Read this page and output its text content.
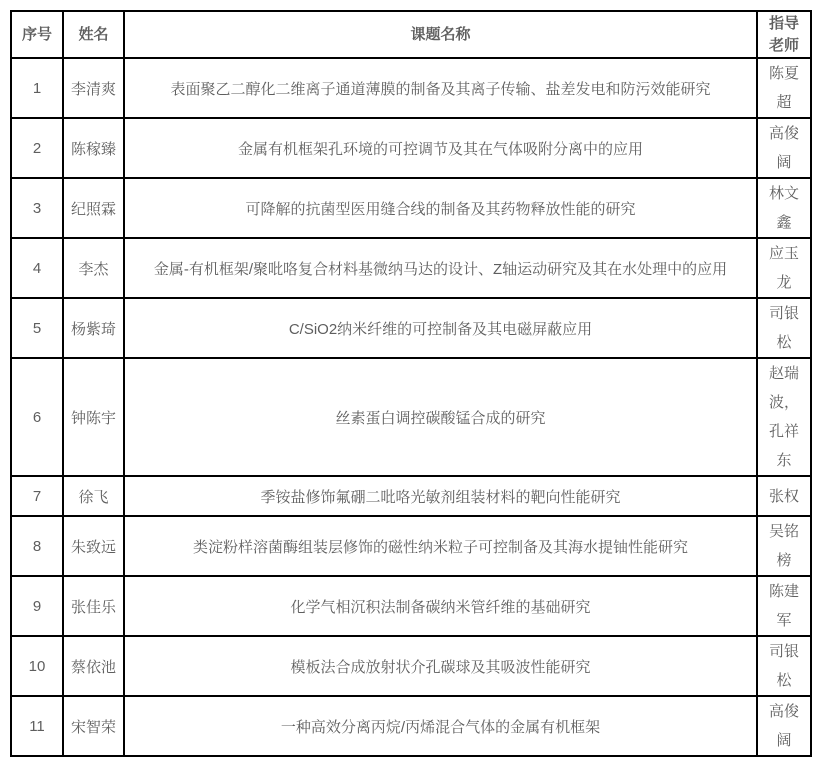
序号	姓名	课题名称	指导老师
1	李清爽	表面聚乙二醇化二维离子通道薄膜的制备及其离子传输、盐差发电和防污效能研究	陈夏超
2	陈稼臻	金属有机框架孔环境的可控调节及其在气体吸附分离中的应用	高俊阔
3	纪照霖	可降解的抗菌型医用缝合线的制备及其药物释放性能的研究	林文鑫
4	李杰	金属-有机框架/聚吡咯复合材料基微纳马达的设计、Z轴运动研究及其在水处理中的应用	应玉龙
5	杨紫琦	C/SiO2纳米纤维的可控制备及其电磁屏蔽应用	司银松
6	钟陈宇	丝素蛋白调控碳酸锰合成的研究	赵瑞波，孔祥东
7	徐飞	季铵盐修饰氟硼二吡咯光敏剂组装材料的靶向性能研究	张权
8	朱致远	类淀粉样溶菌酶组装层修饰的磁性纳米粒子可控制备及其海水提铀性能研究	吴铭榜
9	张佳乐	化学气相沉积法制备碳纳米管纤维的基础研究	陈建军
10	蔡依池	模板法合成放射状介孔碳球及其吸波性能研究	司银松
11	宋智荣	一种高效分离丙烷/丙烯混合气体的金属有机框架	高俊阔
